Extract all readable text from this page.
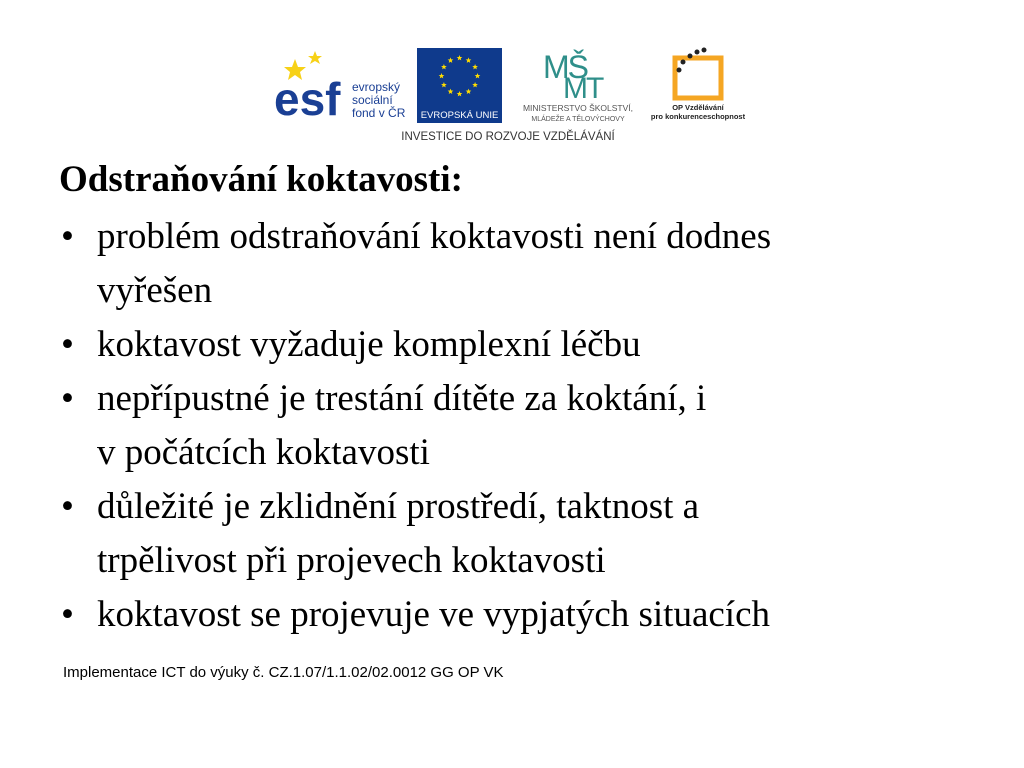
esf evropský
sociální
fond v ČR EVROPSKÁ UNIE
MŠ
MT
MINISTERSTVO ŠKOLSTVÍ,
MLÁDEŽE A TĚLOVÝCHOVY
OP Vzdělávání
pro konkurenceschopnost
INVESTICE DO ROZVOJE VZDĚLÁVÁNÍ
Odstraňování koktavosti:
• problém odstraňování koktavosti není dodnes
vyřešen
• koktavost vyžaduje komplexní léčbu
• nepřípustné je trestání dítěte za koktání, i
v počátcích koktavosti
• důležité je zklidnění prostředí, taktnost a
trpělivost při projevech koktavosti
• koktavost se projevuje ve vypjatých situacích
Implementace ICT do výuky č. CZ.1.07/1.1.02/02.0012 GG OP VK
